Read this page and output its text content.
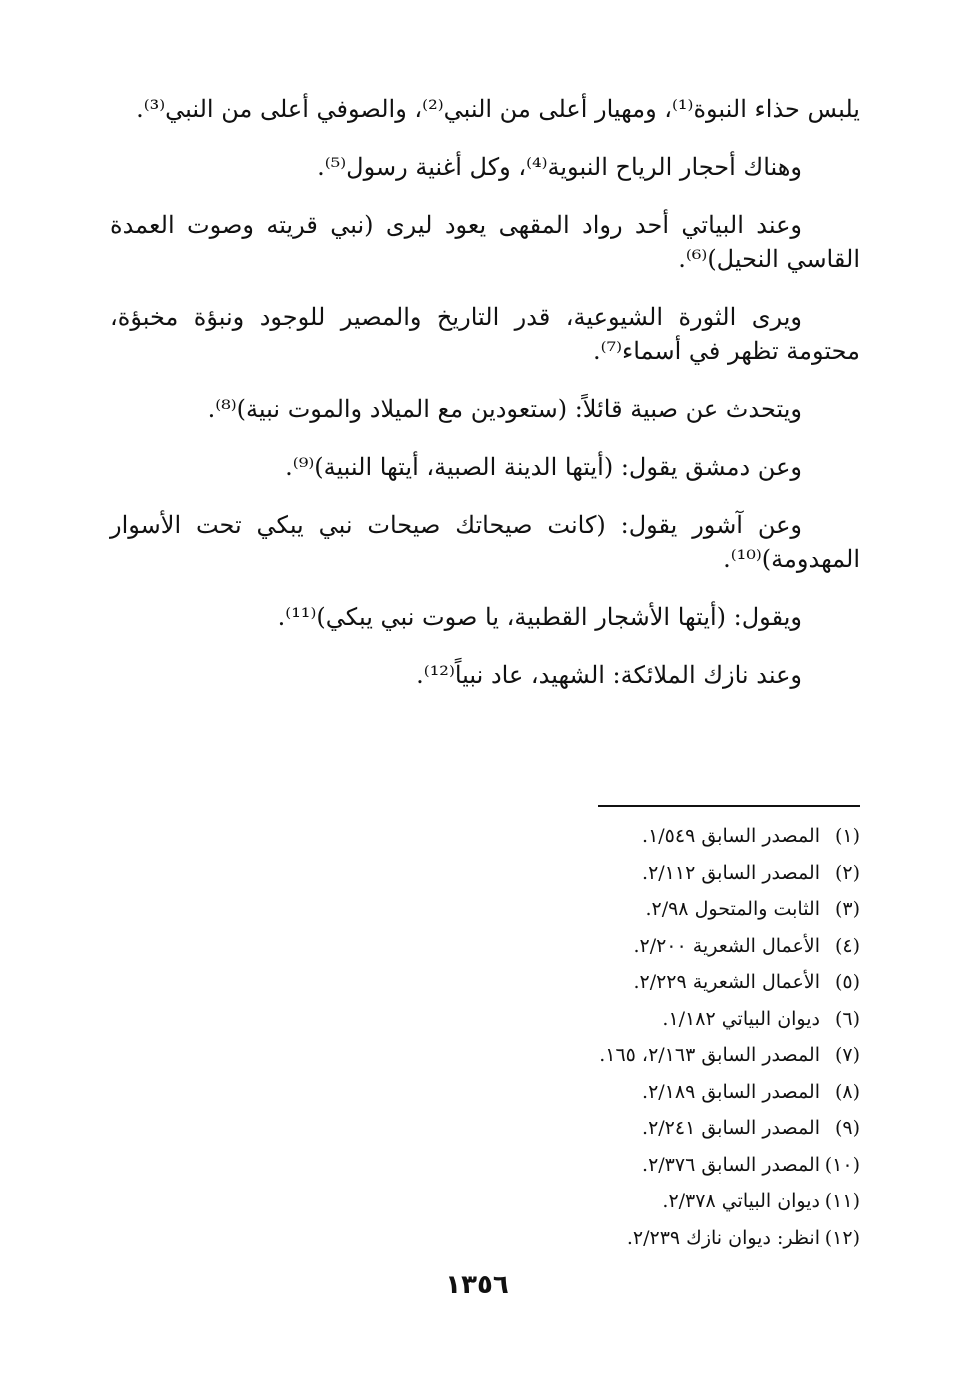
يلبس حذاء النبوة⁽¹⁾، ومهيار أعلى من النبي⁽²⁾، والصوفي أعلى من النبي⁽³⁾.

وهناك أحجار الرياح النبوية⁽⁴⁾، وكل أغنية رسول⁽⁵⁾.

وعند البياتي أحد رواد المقهى يعود ليرى (نبي قريته وصوت العمدة القاسي النحيل)⁽⁶⁾.

ويرى الثورة الشيوعية، قدر التاريخ والمصير للوجود ونبؤة مخبؤة، محتومة تظهر في أسماء⁽⁷⁾.

ويتحدث عن صبية قائلاً: (ستعودين مع الميلاد والموت نبية)⁽⁸⁾.

وعن دمشق يقول: (أيتها الدينة الصبية، أيتها النبية)⁽⁹⁾.

وعن آشور يقول: (كانت صيحاتك صيحات نبي يبكي تحت الأسوار المهدومة)⁽¹⁰⁾.

ويقول: (أيتها الأشجار القطبية، يا صوت نبي يبكي)⁽¹¹⁾.

وعند نازك الملائكة: الشهيد، عاد نبياً⁽¹²⁾.

(١)
المصدر السابق ١/٥٤٩.
(٢)
المصدر السابق ٢/١١٢.
(٣)
الثابت والمتحول ٢/٩٨.
(٤)
الأعمال الشعرية ٢/٢٠٠.
(٥)
الأعمال الشعرية ٢/٢٢٩.
(٦)
ديوان البياتي ١/١٨٢.
(٧)
المصدر السابق ٢/١٦٣، ١٦٥.
(٨)
المصدر السابق ٢/١٨٩.
(٩)
المصدر السابق ٢/٢٤١.
(١٠)
المصدر السابق ٢/٣٧٦.
(١١)
ديوان البياتي ٢/٣٧٨.
(١٢)
انظر: ديوان نازك ٢/٢٣٩.
١٣٥٦
